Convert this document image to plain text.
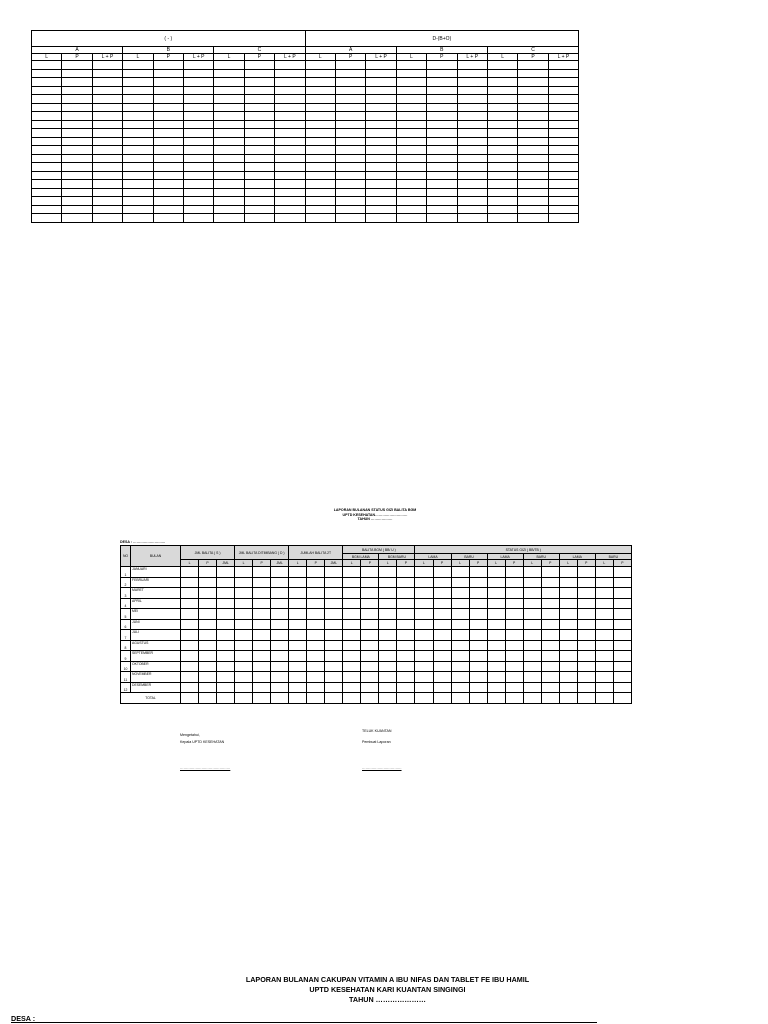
( - )									D-(B+O)								
A			B			C			A			B			C		
L	P	L + P	L	P	L + P	L	P	L + P	L	P	L + P	L	P	L + P	L	P	L + P

LAPORAN BULANAN STATUS GIZI BALITA BGM
UPTD KESEHATAN………………………
TAHUN ………………
DESA : ………………………
NO	BULAN	JML BALITA ( S )			JML BALITA DITIMBANG ( D )			JUMLAH BALITA 2T			BALITA BGM ( BB/ U )				STATUS GIZI ( BB/TB )											
											BGM LAMA		BGM BARU		LAMA		BARU		LAMA		BARU		LAMA		BARU	
		L	P	JML	L	P	JML	L	P	JML	L	P	L	P	L	P	L	P	L	P	L	P	L	P	L	P
1	JANUARI																									
2	FEBRUARI																									
3	MARET																									
4	APRIL																									
5	MEI																									
6	JUNI																									
7	JULI																									
8	AGUSTUS																									
9	SEPTEMBER																									
10	OKTOBER																									
11	NOVEMBER																									
12	DESEMBER																									
TOTAL																										
Mengetahui,
Kepala UPTD KESEHATAN
……………………………………
TELUK KUANTAN
Pembuat Laporan
……………………………
LAPORAN BULANAN CAKUPAN VITAMIN A IBU NIFAS DAN TABLET FE IBU HAMIL
UPTD KESEHATAN KARI KUANTAN SINGINGI
TAHUN …………………
DESA :
